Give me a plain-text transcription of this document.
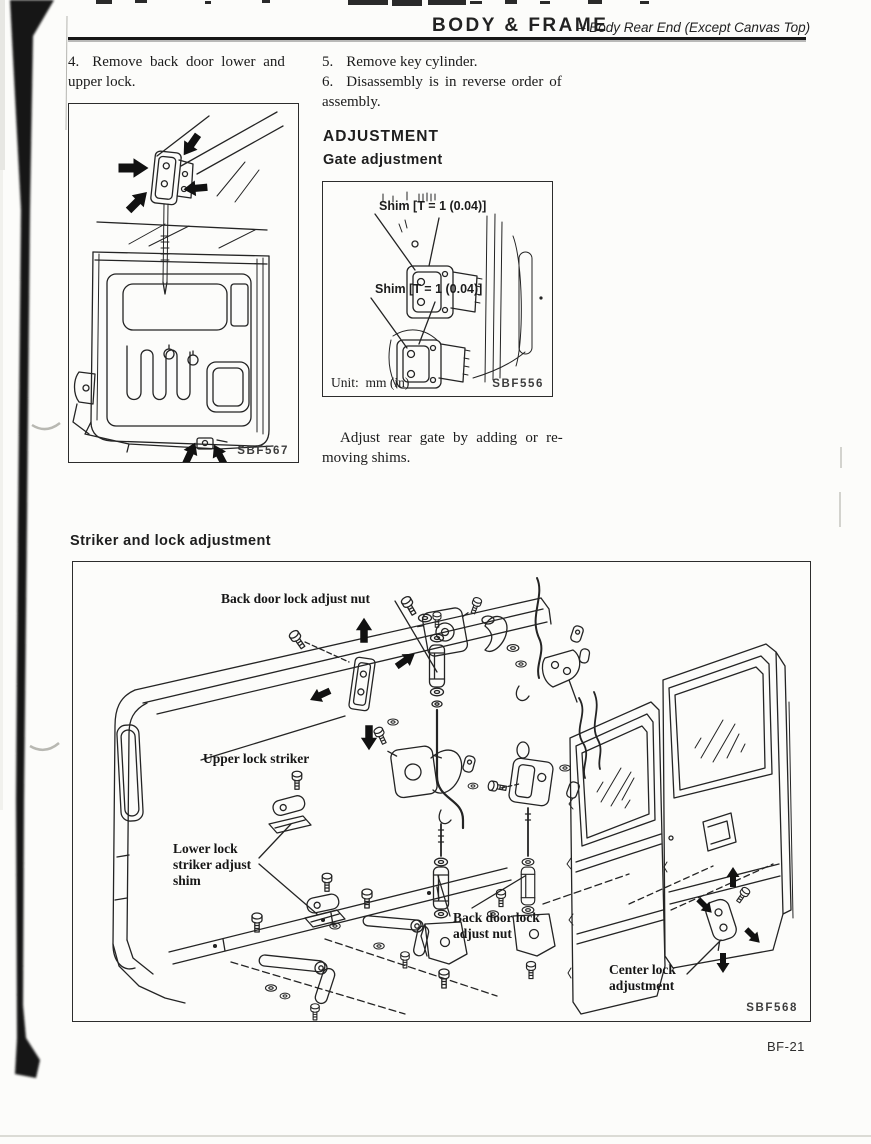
BODY & FRAME
– Body Rear End (Except Canvas Top)
4. Remove back door lower and
upper lock.
5. Remove key cylinder.
6. Disassembly is in reverse order of
assembly.
SBF567
ADJUSTMENT
Gate adjustment
Shim [T = 1 (0.04)]
Shim [T = 1 (0.04)]
Unit:  mm (in)	SBF556
Adjust rear gate by adding or re-
moving shims.
Striker and lock adjustment
Back door lock adjust nut
Upper lock striker
Lower lock
striker adjust
shim
Back door lock
adjust nut
Center lock
adjustment
SBF568
BF-21
